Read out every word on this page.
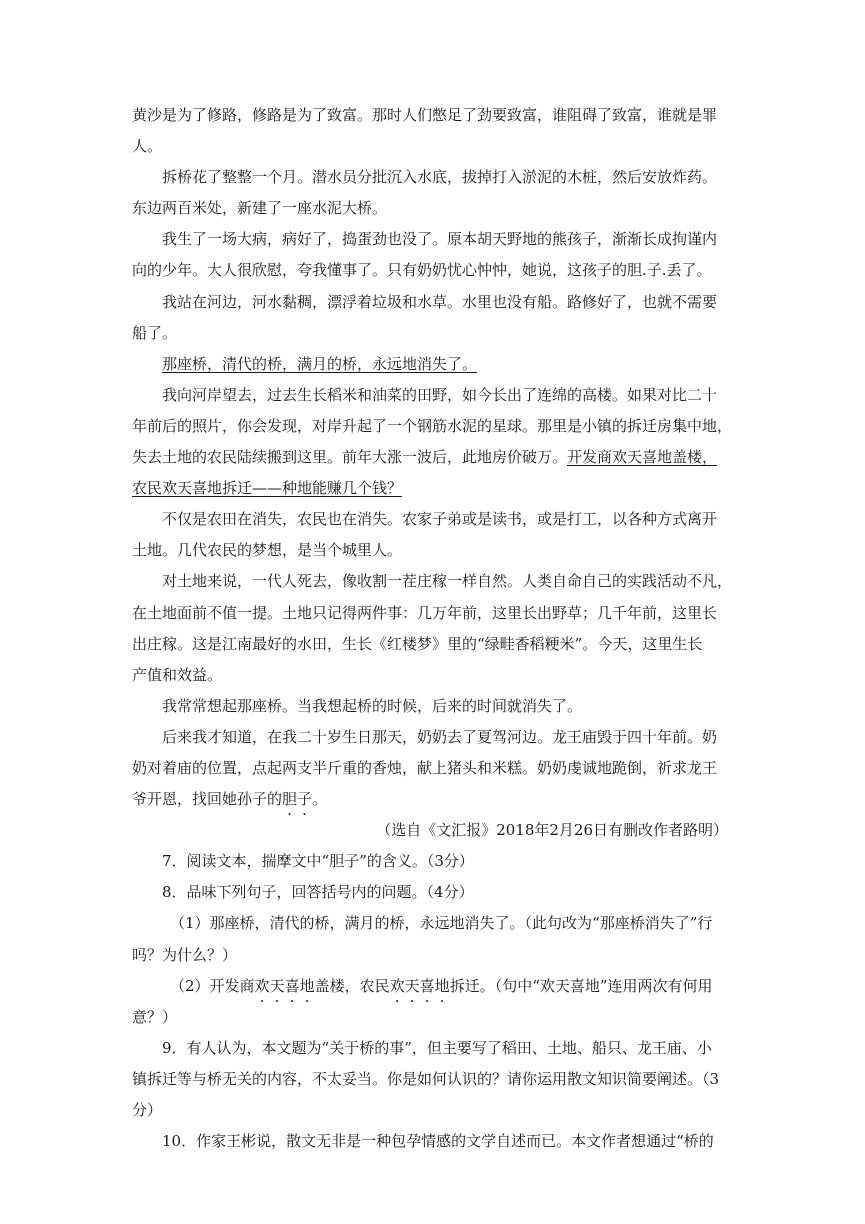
黄沙是为了修路，修路是为了致富。那时人们憋足了劲要致富，谁阻碍了致富，谁就是罪
人。
拆桥花了整整一个月。潜水员分批沉入水底，拔掉打入淤泥的木桩，然后安放炸药。
东边两百米处，新建了一座水泥大桥。
我生了一场大病，病好了，捣蛋劲也没了。原本胡天野地的熊孩子，渐渐长成拘谨内
向的少年。大人很欣慰，夸我懂事了。只有奶奶忧心忡忡，她说，这孩子的胆.子.丢了。
我站在河边，河水黏稠，漂浮着垃圾和水草。水里也没有船。路修好了，也就不需要
船了。
那座桥，清代的桥，满月的桥，永远地消失了。
我向河岸望去，过去生长稻米和油菜的田野，如今长出了连绵的高楼。如果对比二十
年前后的照片，你会发现，对岸升起了一个钢筋水泥的星球。那里是小镇的拆迁房集中地，
失去土地的农民陆续搬到这里。前年大涨一波后，此地房价破万。开发商欢天喜地盖楼，
农民欢天喜地拆迁——种地能赚几个钱？
不仅是农田在消失，农民也在消失。农家子弟或是读书，或是打工，以各种方式离开
土地。几代农民的梦想，是当个城里人。
对土地来说，一代人死去，像收割一茬庄稼一样自然。人类自命自己的实践活动不凡，
在土地面前不值一提。土地只记得两件事：几万年前，这里长出野草；几千年前，这里长
出庄稼。这是江南最好的水田，生长《红楼梦》里的“绿畦香稻粳米”。今天，这里生长
产值和效益。
我常常想起那座桥。当我想起桥的时候，后来的时间就消失了。
后来我才知道，在我二十岁生日那天，奶奶去了夏驾河边。龙王庙毁于四十年前。奶
奶对着庙的位置，点起两支半斤重的香烛，献上猪头和米糕。奶奶虔诚地跪倒，祈求龙王
爷开恩，找回她孙子的胆子。
（选自《文汇报》2018年2月26日有删改作者路明）
7．阅读文本，揣摩文中“胆子”的含义。（3分）
8．品味下列句子，回答括号内的问题。（4分）
（1）那座桥，清代的桥，满月的桥，永远地消失了。（此句改为“那座桥消失了”行
吗？为什么？）
（2）开发商欢天喜地盖楼，农民欢天喜地拆迁。（句中“欢天喜地”连用两次有何用
意？）
9．有人认为，本文题为“关于桥的事”，但主要写了稻田、土地、船只、龙王庙、小
镇拆迁等与桥无关的内容，不太妥当。你是如何认识的？请你运用散文知识简要阐述。（3
分）
10．作家王彬说，散文无非是一种包孕情感的文学自述而已。本文作者想通过“桥的
